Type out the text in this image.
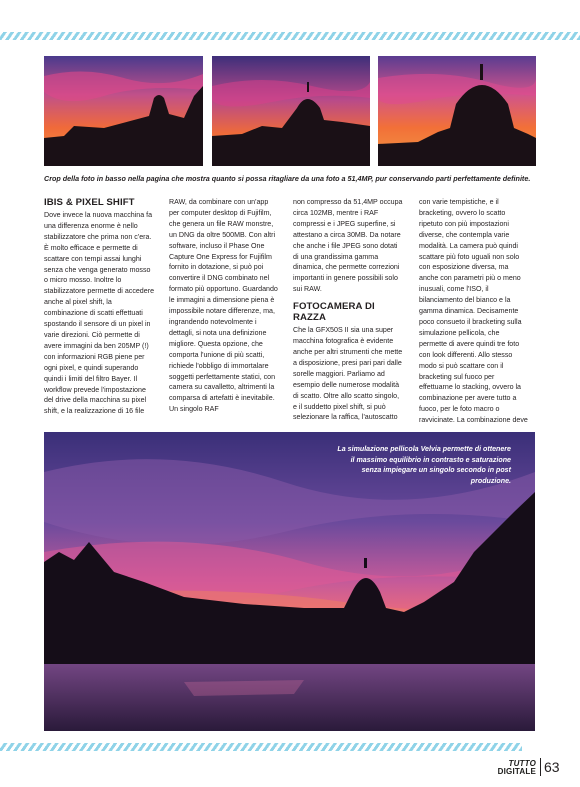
Crop della foto in basso nella pagina che mostra quanto si possa ritagliare da una foto a 51,4MP, pur conservando parti perfettamente definite.
IBIS & PIXEL SHIFT

Dove invece la nuova macchina fa una differenza enorme è nello stabilizzatore che prima non c'era. È molto efficace e permette di scattare con tempi assai lunghi senza che venga generato mosso o micro mosso. Inoltre lo stabilizzatore permette di accedere anche al pixel shift, la combinazione di scatti effettuati spostando il sensore di un pixel in varie direzioni. Ciò permette di avere immagini da ben 205MP (!) con informazioni RGB piene per ogni pixel, e quindi superando quindi i limiti del filtro Bayer. Il workflow prevede l'impostazione del drive della macchina su pixel shift, e la realizzazione di 16 file

RAW, da combinare con un'app per computer desktop di Fujifilm, che genera un file RAW monstre, un DNG da oltre 500MB. Con altri software, incluso il Phase One Capture One Express for Fujifilm fornito in dotazione, si può poi convertire il DNG combinato nel formato più opportuno. Guardando le immagini a dimensione piena è impossibile notare differenze, ma, ingrandendo notevolmente i dettagli, si nota una definizione migliore. Questa opzione, che comporta l'unione di più scatti, richiede l'obbligo di immortalare soggetti perfettamente statici, con camera su cavalletto, altrimenti la comparsa di artefatti è inevitabile. Un singolo RAF

non compresso da 51,4MP occupa circa 102MB, mentre i RAF compressi e i JPEG superfine, si attestano a circa 30MB. Da notare che anche i file JPEG sono dotati di una grandissima gamma dinamica, che permette correzioni importanti in genere possibili solo sui RAW.

FOTOCAMERA DI RAZZA

Che la GFX50S II sia una super macchina fotografica è evidente anche per altri strumenti che mette a disposizione, presi pari pari dalle sorelle maggiori. Parliamo ad esempio delle numerose modalità di scatto. Oltre allo scatto singolo, e il suddetto pixel shift, si può selezionare la raffica, l'autoscatto

con varie tempistiche, e il bracketing, ovvero lo scatto ripetuto con più impostazioni diverse, che contempla varie modalità. La camera può quindi scattare più foto uguali non solo con esposizione diversa, ma anche con parametri più o meno inusuali, come l'ISO, il bilanciamento del bianco e la gamma dinamica. Decisamente poco consueto il bracketing sulla simulazione pellicola, che permette di avere quindi tre foto con look differenti. Allo stesso modo si può scattare con il bracketing sul fuoco per effettuarne lo stacking, ovvero la combinazione per avere tutto a fuoco, per le foto macro o ravvicinate. La combinazione deve

La simulazione pellicola Velvia permette di ottenere il massimo equilibrio in contrasto e saturazione senza impiegare un singolo secondo in post produzione.
TUTTO
DIGITALE 63
